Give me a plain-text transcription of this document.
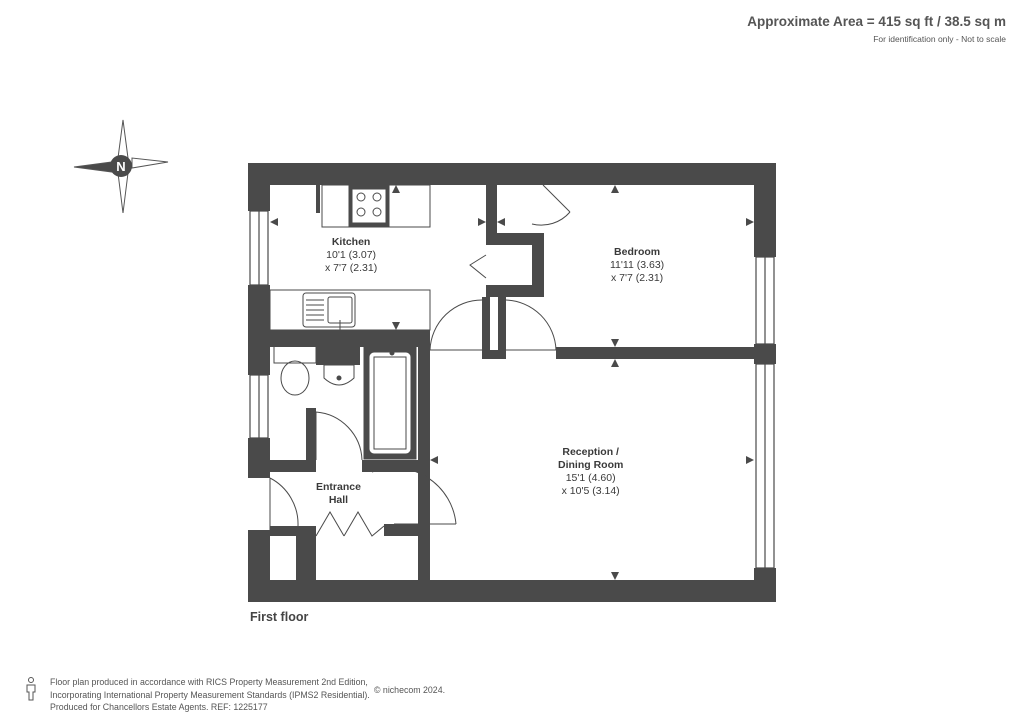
N
Approximate Area = 415 sq ft / 38.5 sq m
For identification only - Not to scale
Kitchen
10'1 (3.07)
x 7'7 (2.31)
Bedroom
11'11 (3.63)
x 7'7 (2.31)
Reception /
Dining Room
15'1 (4.60)
x 10'5 (3.14)
Entrance
Hall
First floor
Floor plan produced in accordance with RICS Property Measurement 2nd Edition,
Incorporating International Property Measurement Standards (IPMS2 Residential).
Produced for Chancellors Estate Agents. REF: 1225177
© nichecom 2024.
